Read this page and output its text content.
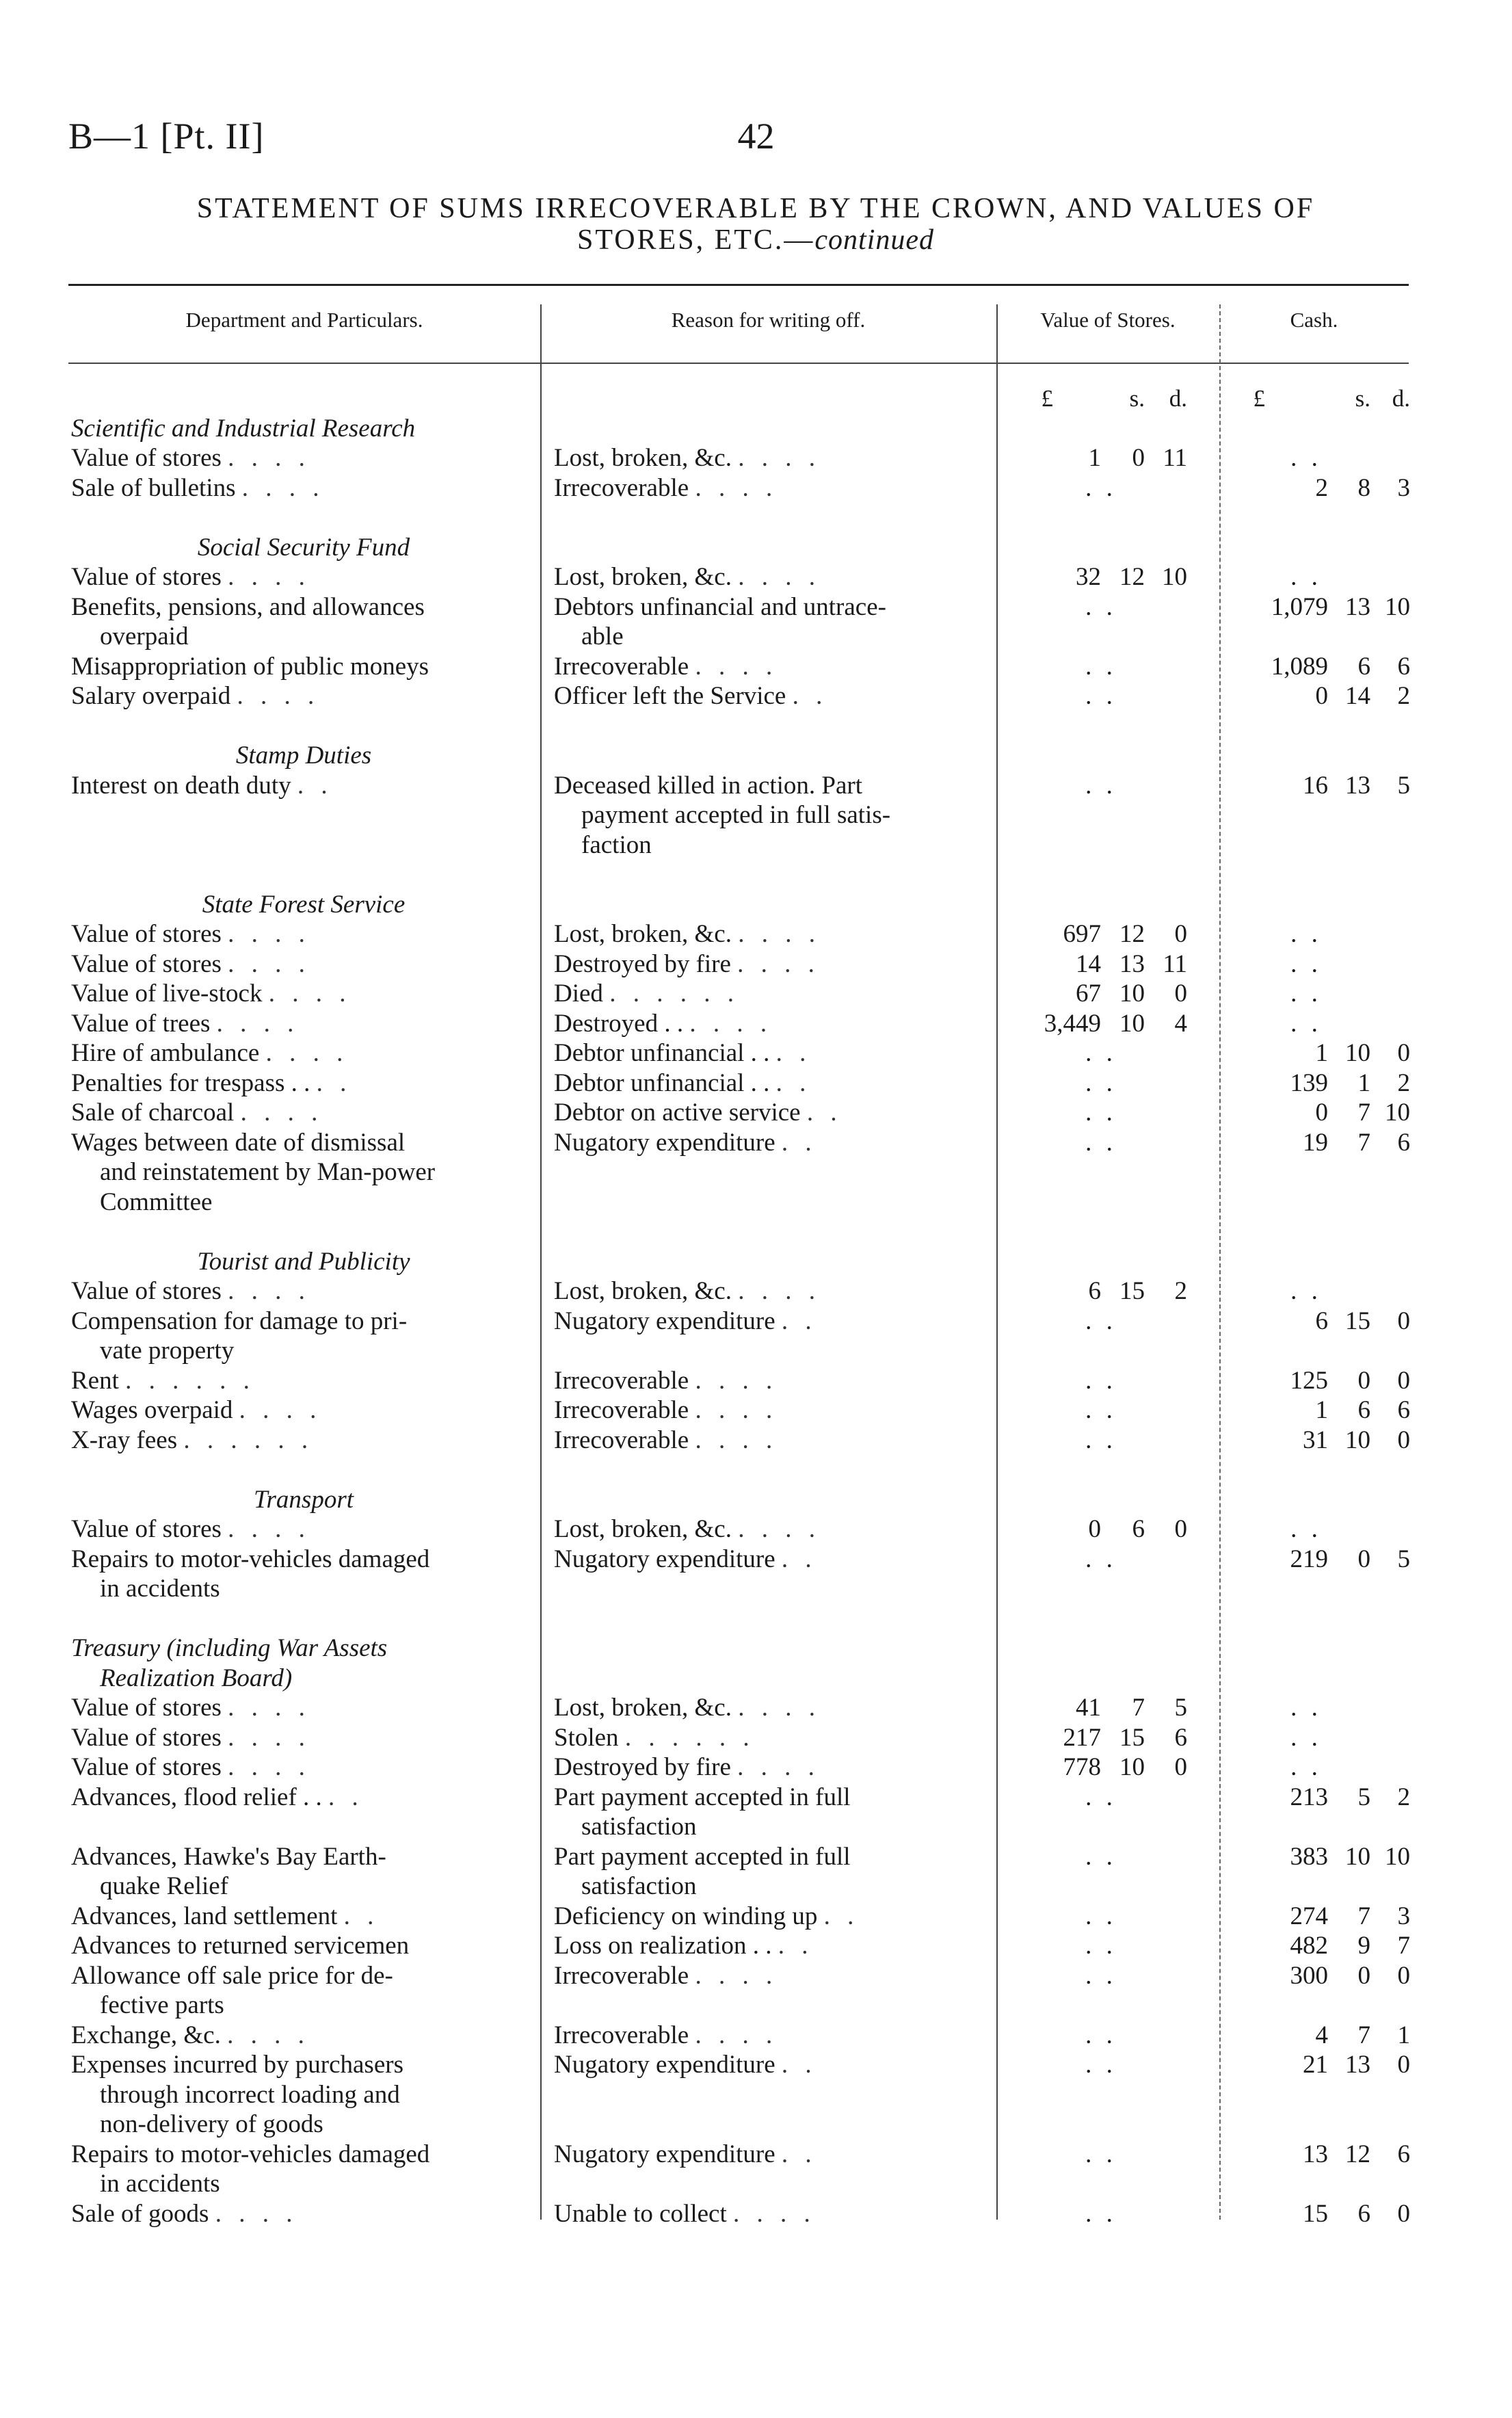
B—1 [Pt. II]	42
STATEMENT OF SUMS IRRECOVERABLE BY THE CROWN, AND VALUES OF
STORES, ETC.—continued
Department and Particulars.	Reason for writing off.	Value of Stores.	Cash.
£	s.	d.	£	s. d.
Scientific and Industrial Research
Value of stores . . . .	Lost, broken, &c. . . . .	1	0 11	. .
Sale of bulletins . . . .	Irrecoverable . . . .	. .	2	8	3
Social Security Fund
Value of stores . . . .	Lost, broken, &c. . . . .	32 12 10	. .
Benefits, pensions, and allowances	Debtors unfinancial and untrace-	. .	1,079 13 10
overpaid	able
Misappropriation of public moneys	Irrecoverable . . . .	. .	1,089	6	6
Salary overpaid . . . .	Officer left the Service . .	. .	0 14	2
Stamp Duties
Interest on death duty . .	Deceased killed in action. Part	. .	16 13	5
payment accepted in full satis-
faction
State Forest Service
Value of stores . . . .	Lost, broken, &c. . . . .	697 12	0	. .
Value of stores . . . .	Destroyed by fire . . . .	14 13 11	. .
Value of live-stock . . . .	Died . . . . . .	67 10	0	. .
Value of trees . . . .	Destroyed . . . . . .	3,449 10	4	. .
Hire of ambulance . . . .	Debtor unfinancial . . . .	. .	1 10	0
Penalties for trespass . . . .	Debtor unfinancial . . . .	. .	139	1	2
Sale of charcoal . . . .	Debtor on active service . .	. .	0	7 10
Wages between date of dismissal	Nugatory expenditure . .	. .	19	7	6
and reinstatement by Man-power
Committee
Tourist and Publicity
Value of stores . . . .	Lost, broken, &c. . . . .	6 15	2	. .
Compensation for damage to pri-	Nugatory expenditure . .	. .	6 15	0
vate property
Rent . . . . . .	Irrecoverable . . . .	. .	125	0	0
Wages overpaid . . . .	Irrecoverable . . . .	. .	1	6	6
X-ray fees . . . . . .	Irrecoverable . . . .	. .	31 10	0
Transport
Value of stores . . . .	Lost, broken, &c. . . . .	0	6	0	. .
Repairs to motor-vehicles damaged	Nugatory expenditure . .	. .	219	0	5
in accidents
Treasury (including War Assets
Realization Board)
Value of stores . . . .	Lost, broken, &c. . . . .	41	7	5	. .
Value of stores . . . .	Stolen . . . . . .	217 15	6	. .
Value of stores . . . .	Destroyed by fire . . . .	778 10	0	. .
Advances, flood relief . . . .	Part payment accepted in full	. .	213	5	2
satisfaction
Advances, Hawke's Bay Earth-	Part payment accepted in full	. .	383 10 10
quake Relief	satisfaction
Advances, land settlement . .	Deficiency on winding up . .	. .	274	7	3
Advances to returned servicemen	Loss on realization . . . .	. .	482	9	7
Allowance off sale price for de-	Irrecoverable . . . .	. .	300	0	0
fective parts
Exchange, &c. . . . .	Irrecoverable . . . .	. .	4	7	1
Expenses incurred by purchasers	Nugatory expenditure . .	. .	21 13	0
through incorrect loading and
non-delivery of goods
Repairs to motor-vehicles damaged	Nugatory expenditure . .	. .	13 12	6
in accidents
Sale of goods . . . .	Unable to collect . . . .	. .	15	6	0
